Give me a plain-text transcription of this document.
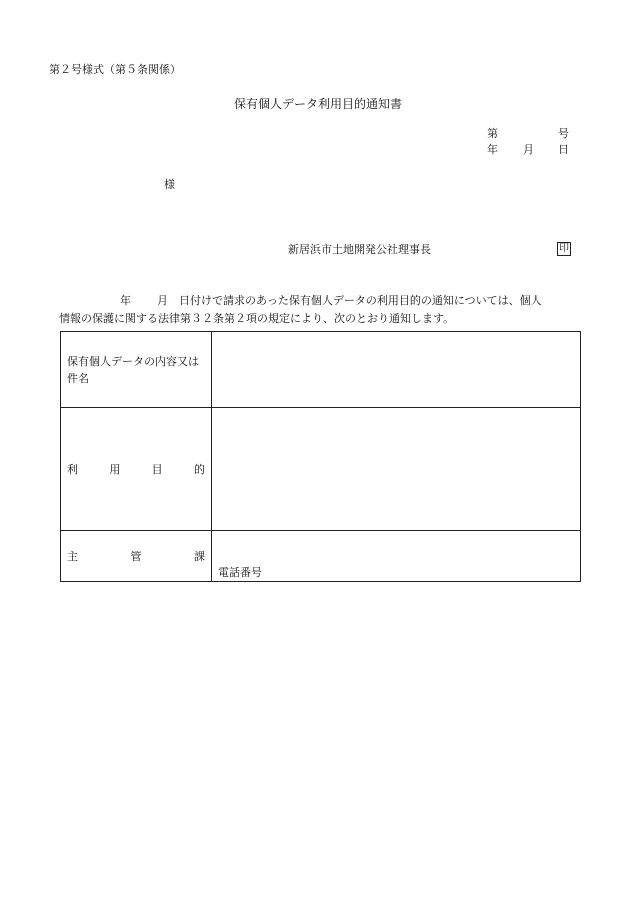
第２号様式（第５条関係）
保有個人データ利用目的通知書
第	号
年 月 日
様
新居浜市土地開発公社理事長	印
年 月 日付けで請求のあった保有個人データの利用目的の通知については、個人
情報の保護に関する法律第３２条第２項の規定により、次のとおり通知します。
保有個人データの内容又は件名	

利 用 目 的	

主 管 課	電話番号
